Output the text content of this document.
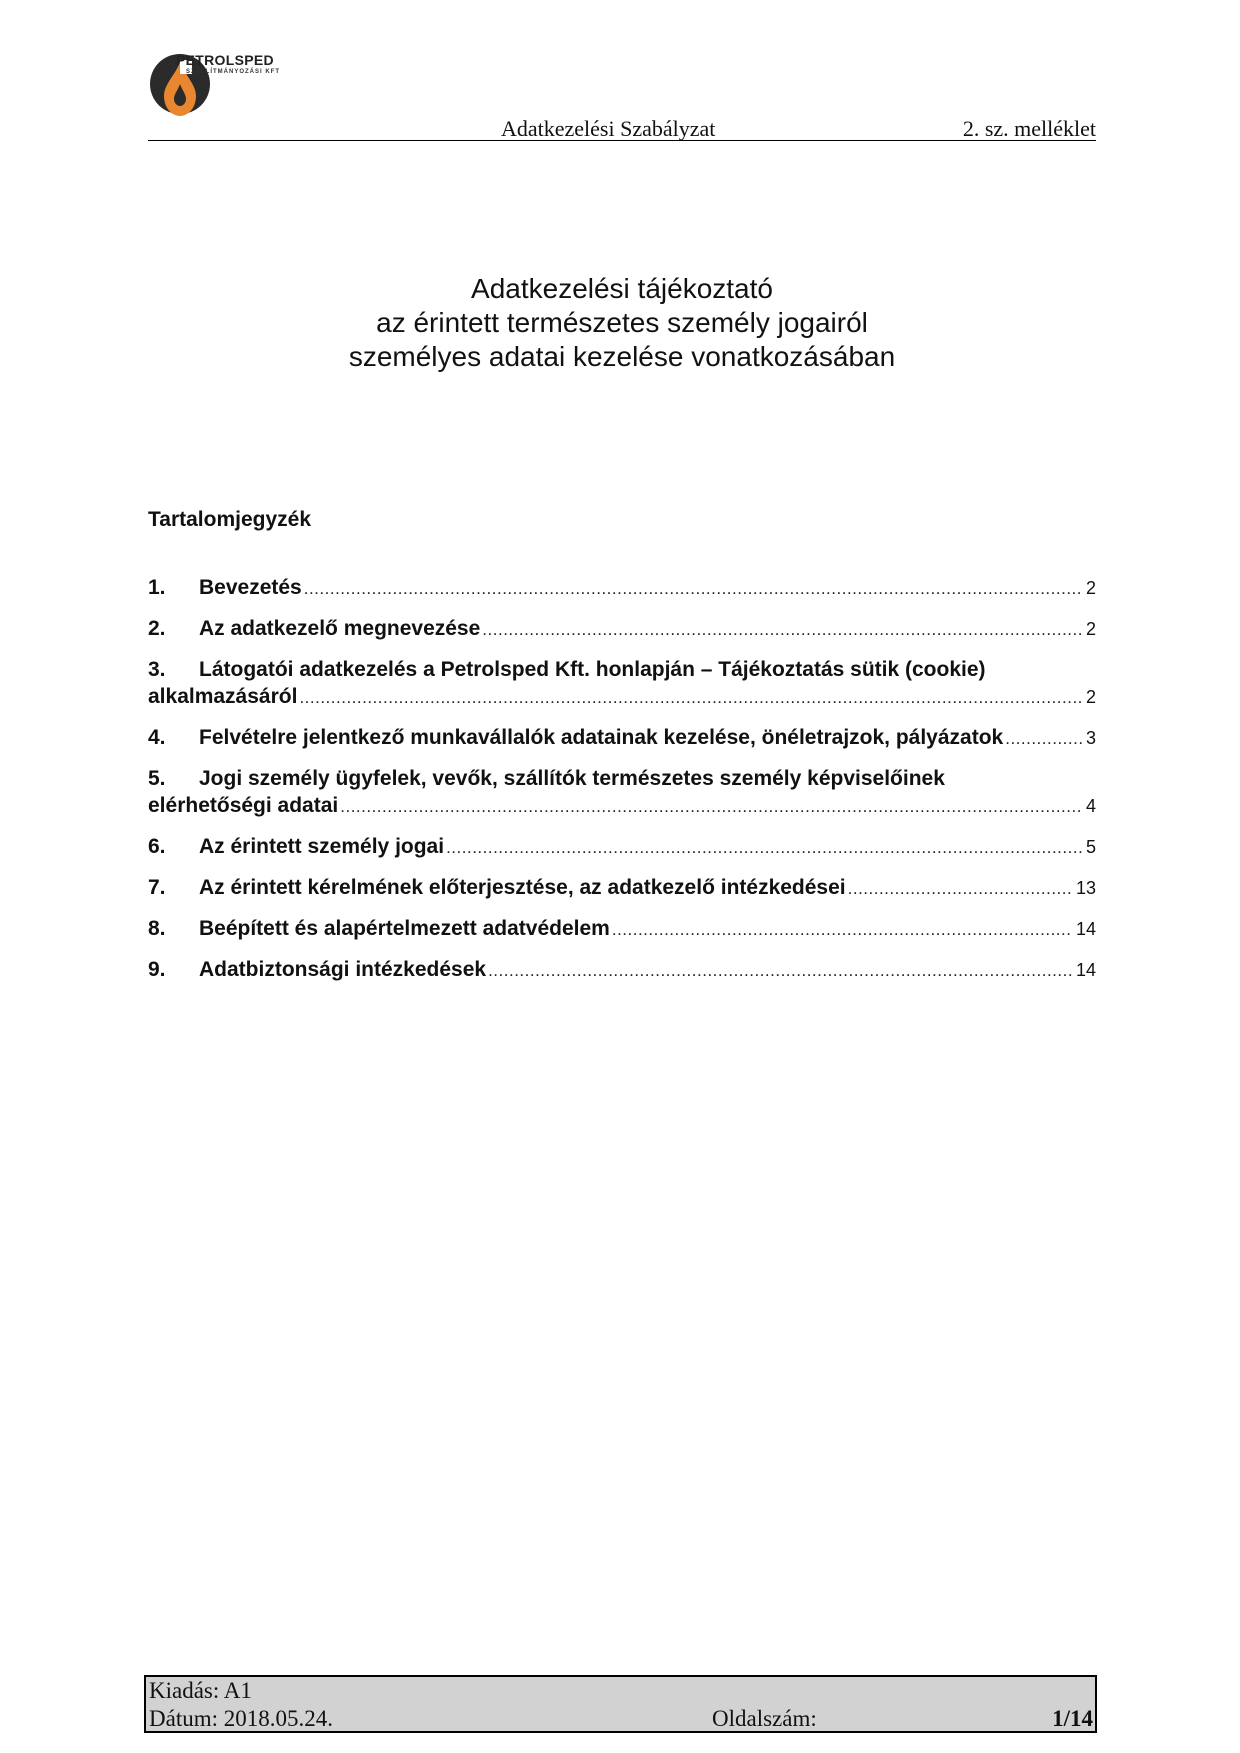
PETROLSPED
SZÁLLÍTMÁNYOZÁSI KFT
Adatkezelési Szabályzat	2. sz. melléklet
Adatkezelési tájékoztató
az érintett természetes személy jogairól
személyes adatai kezelése vonatkozásában
Tartalomjegyzék
1.	Bevezetés .....	2
2.	Az adatkezelő megnevezése .....	2
3.	Látogatói adatkezelés a Petrolsped Kft. honlapján – Tájékoztatás sütik (cookie)
alkalmazásáról .....	2
4.	Felvételre jelentkező munkavállalók adatainak kezelése, önéletrajzok, pályázatok .....	3
5.	Jogi személy ügyfelek, vevők, szállítók természetes személy képviselőinek
elérhetőségi adatai .....	4
6.	Az érintett személy jogai .....	5
7.	Az érintett kérelmének előterjesztése, az adatkezelő intézkedései .....	13
8.	Beépített és alapértelmezett adatvédelem .....	14
9.	Adatbiztonsági intézkedések .....	14
Kiadás: A1
Dátum: 2018.05.24.	Oldalszám:	1/14
